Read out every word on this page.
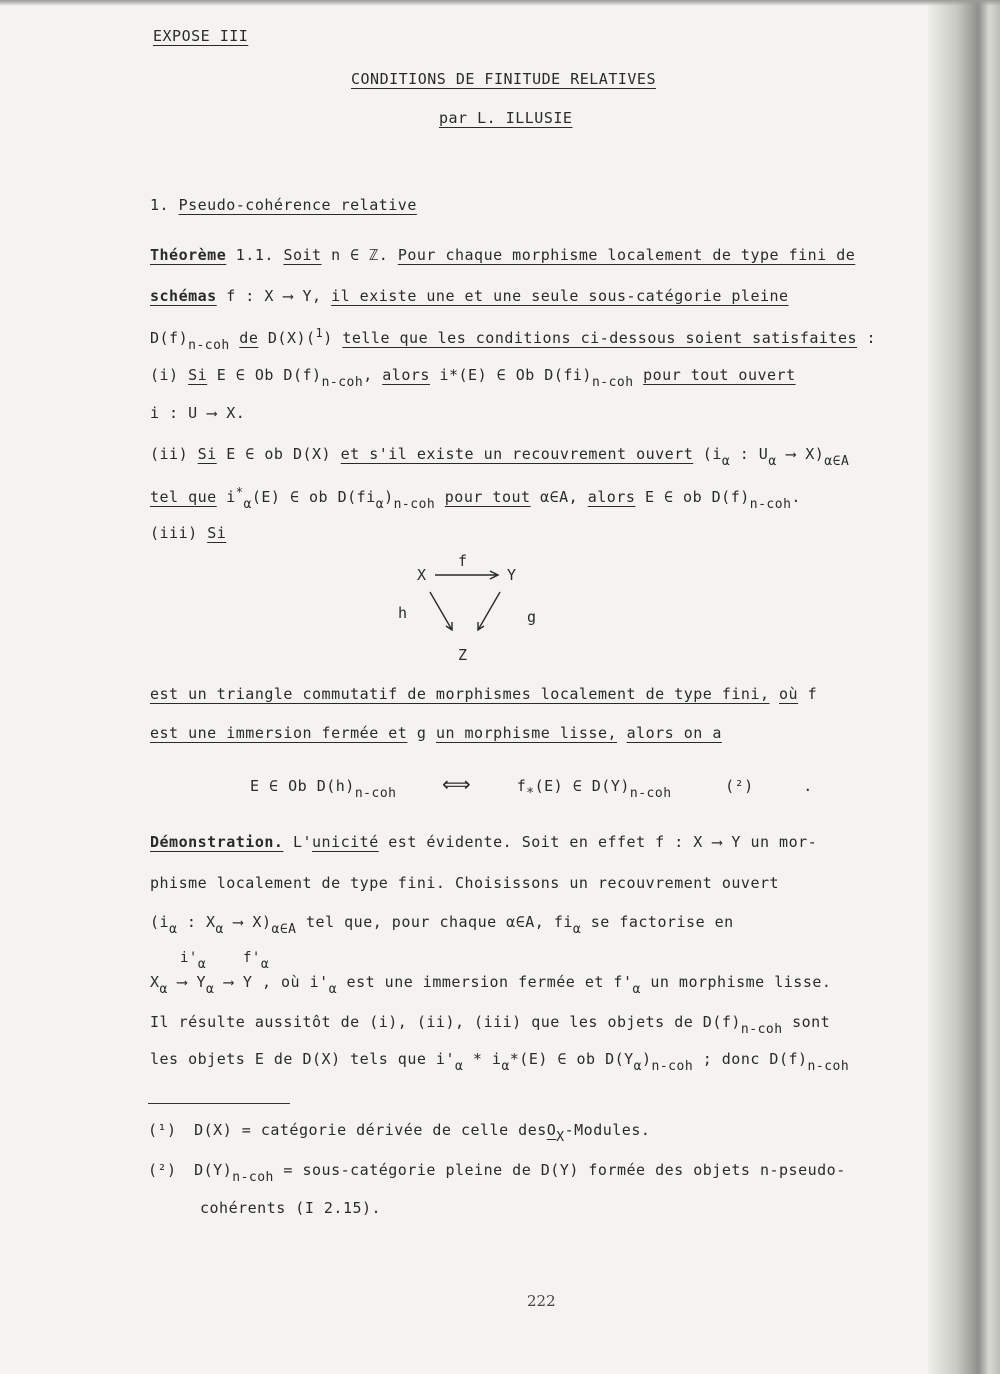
EXPOSE III
CONDITIONS DE FINITUDE RELATIVES
par L. ILLUSIE
1. Pseudo-cohérence relative
Théorème 1.1. Soit n ∈ ℤ. Pour chaque morphisme localement de type fini de
schémas f : X ⟶ Y, il existe une et une seule sous-catégorie pleine
$D(f)_{n-coh}$ de D(X)($^1$) telle que les conditions ci-dessous soient satisfaites :
(i) Si E ∈ Ob $D(f)_{n-coh}$, alors i*(E) ∈ Ob $D(fi)_{n-coh}$ pour tout ouvert
i : U ⟶ X.
(ii) Si E ∈ ob D(X) et s'il existe un recouvrement ouvert ($i_\alpha$ : $U_\alpha$ ⟶ $X)_{\alpha\in A}$
tel que $i^*_\alpha(E)$ ∈ ob $D(fi_\alpha)_{n-coh}$ pour tout α∈A, alors E ∈ ob $D(f)_{n-coh}$.
(iii) Si
X	Y
Z
f
h	g
est un triangle commutatif de morphismes localement de type fini, où f
est une immersion fermée et g un morphisme lisse, alors on a
E ∈ Ob $D(h)_{n-coh}$ ⟺	$f_*(E)$ ∈ $D(Y)_{n-coh}$	(²)	.
Démonstration. L'unicité est évidente. Soit en effet f : X ⟶ Y un mor-
phisme localement de type fini. Choisissons un recouvrement ouvert
($i_\alpha$ : $X_\alpha$ ⟶ $X)_{\alpha\in A}$ tel que, pour chaque α∈A, $fi_\alpha$ se factorise en
$i'_\alpha$	$f'_\alpha$
$X_\alpha$ ⟶ $Y_\alpha$ ⟶ Y , où $i'_\alpha$ est une immersion fermée et $f'_\alpha$ un morphisme lisse.
Il résulte aussitôt de (i), (ii), (iii) que les objets de $D(f)_{n-coh}$ sont
les objets E de D(X) tels que $i'_\alpha * i_\alpha*(E)$ ∈ ob $D(Y_\alpha)_{n-coh}$ ; donc $D(f)_{n-coh}$
(¹) D(X) = catégorie dérivée de celle desO$_X$-Modules.
(²) $D(Y)_{n-coh}$ = sous-catégorie pleine de D(Y) formée des objets n-pseudo-
cohérents (I 2.15).
222
